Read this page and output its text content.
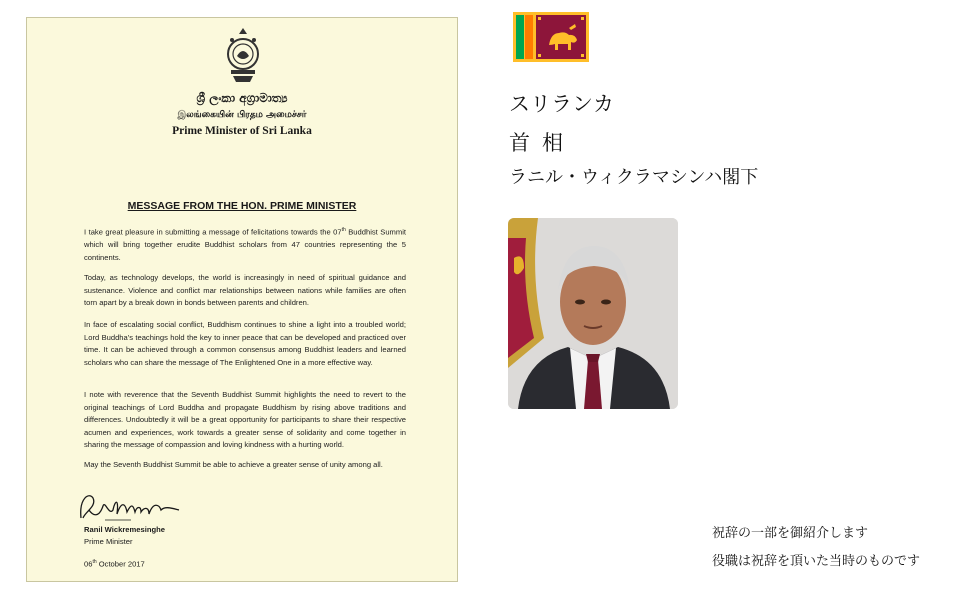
ශ්‍රී ලංකා අග්‍රාමාත්‍ය
இலங்கையின் பிரதம அமைச்சர்
Prime Minister of Sri Lanka
MESSAGE FROM THE HON. PRIME MINISTER

I take great pleasure in submitting a message of felicitations towards the 07th Buddhist Summit which will bring together erudite Buddhist scholars from 47 countries representing the 5 continents.

Today, as technology develops, the world is increasingly in need of spiritual guidance and sustenance. Violence and conflict mar relationships between nations while families are often torn apart by a break down in bonds between parents and children.

In face of escalating social conflict, Buddhism continues to shine a light into a troubled world; Lord Buddha's teachings hold the key to inner peace that can be developed and practiced over time. It can be achieved through a common consensus among Buddhist leaders and learned scholars who can share the message of The Enlightened One in a more effective way.

I note with reverence that the Seventh Buddhist Summit highlights the need to revert to the original teachings of Lord Buddha and propagate Buddhism by rising above traditions and differences. Undoubtedly it will be a great opportunity for participants to share their respective acumen and experiences, work towards a greater sense of solidarity and come together in sharing the message of compassion and loving kindness with a hurting world.

May the Seventh Buddhist Summit be able to achieve a greater sense of unity among all.

Ranil Wickremesinghe
Prime Minister
06th October 2017
スリランカ
首相
ラニル・ウィクラマシンハ閣下
祝辞の一部を御紹介します
役職は祝辞を頂いた当時のものです
